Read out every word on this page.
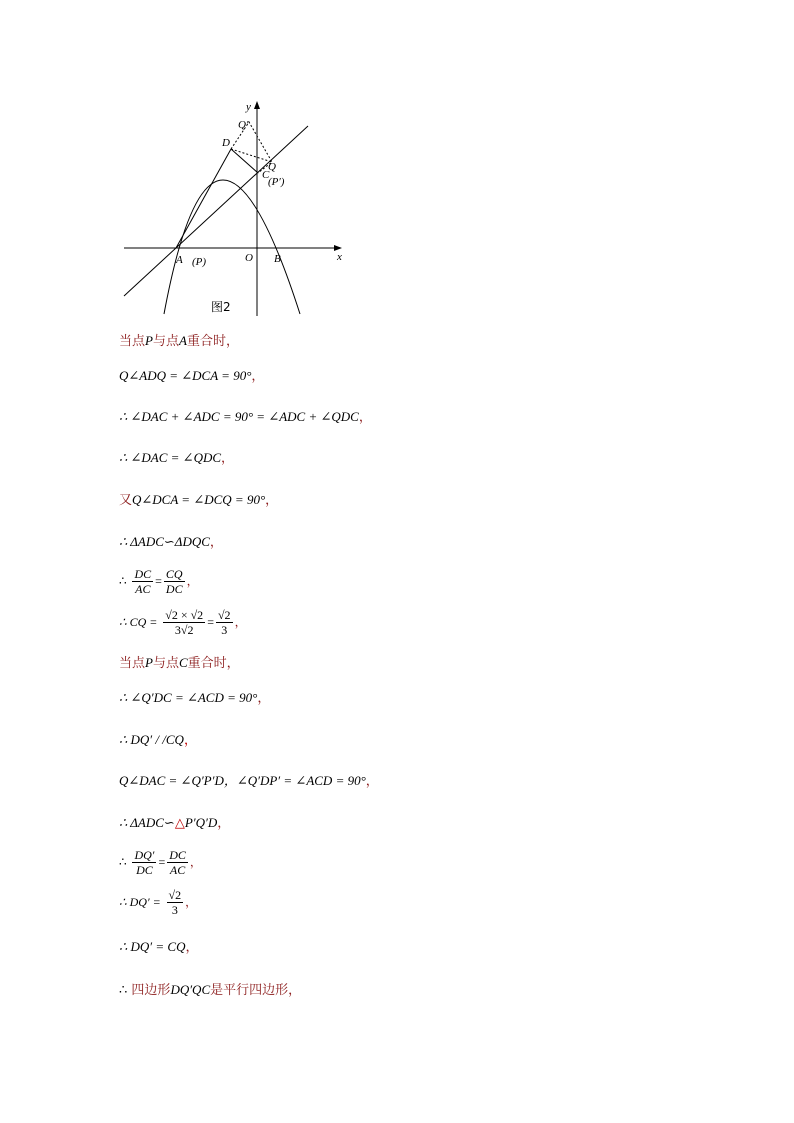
y
x
A (P)	O B
C
(P′)
D
Q
Q′
图2
当点P与点A重合时，
Q∠ADQ = ∠DCA = 90°，
∴ ∠DAC + ∠ADC = 90° = ∠ADC + ∠QDC，
∴ ∠DAC = ∠QDC，
又Q∠DCA = ∠DCQ = 90°，
∴ ΔADC∽ΔDQC，
∴ $\frac{DC}{AC} = \frac{CQ}{DC}$ ，
∴ CQ = $\frac{√2 \times √2}{3√2} = \frac{√2}{3}$ ，
当点P与点C重合时，
∴ ∠Q′DC = ∠ACD = 90°，
∴ DQ′ / /CQ，
Q∠DAC = ∠Q′P′D，∠Q′DP′ = ∠ACD = 90°，
∴ ΔADC∽△P′Q′D，
∴ $\frac{DQ'}{DC} = \frac{DC}{AC}$ ，
∴ $DQ' = \frac{√2}{3}$ ，
∴ DQ′ = CQ，
∴ 四边形DQ′QC是平行四边形，
